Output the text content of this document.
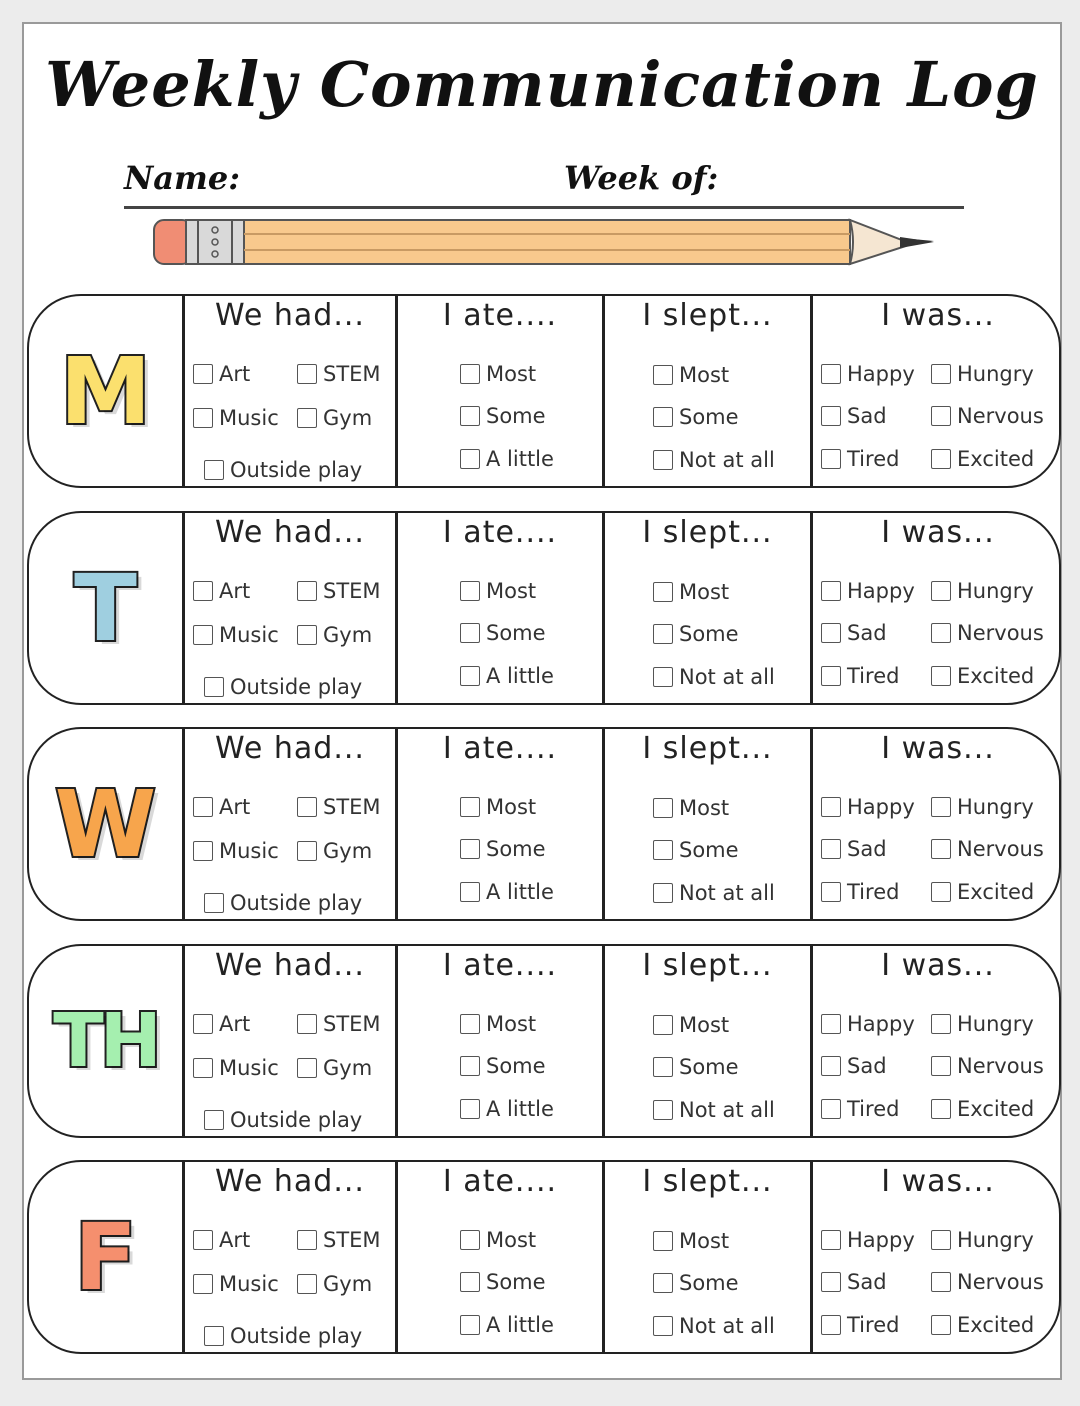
Weekly Communication Log
Name:	Week of:
M
We had...
Art	STEM
Music Gym
Outside play
I ate....
Most
Some
A little
I slept...
Most
Some
Not at all
I was...
Happy Hungry
Sad	Nervous
Tired	Excited
T
We had...
Art	STEM
Music Gym
Outside play
I ate....
Most
Some
A little
I slept...
Most
Some
Not at all
I was...
Happy Hungry
Sad	Nervous
Tired	Excited
W
We had...
Art	STEM
Music Gym
Outside play
I ate....
Most
Some
A little
I slept...
Most
Some
Not at all
I was...
Happy Hungry
Sad	Nervous
Tired	Excited
TH
We had...
Art	STEM
Music Gym
Outside play
I ate....
Most
Some
A little
I slept...
Most
Some
Not at all
I was...
Happy Hungry
Sad	Nervous
Tired	Excited
F
We had...
Art	STEM
Music Gym
Outside play
I ate....
Most
Some
A little
I slept...
Most
Some
Not at all
I was...
Happy Hungry
Sad	Nervous
Tired	Excited
